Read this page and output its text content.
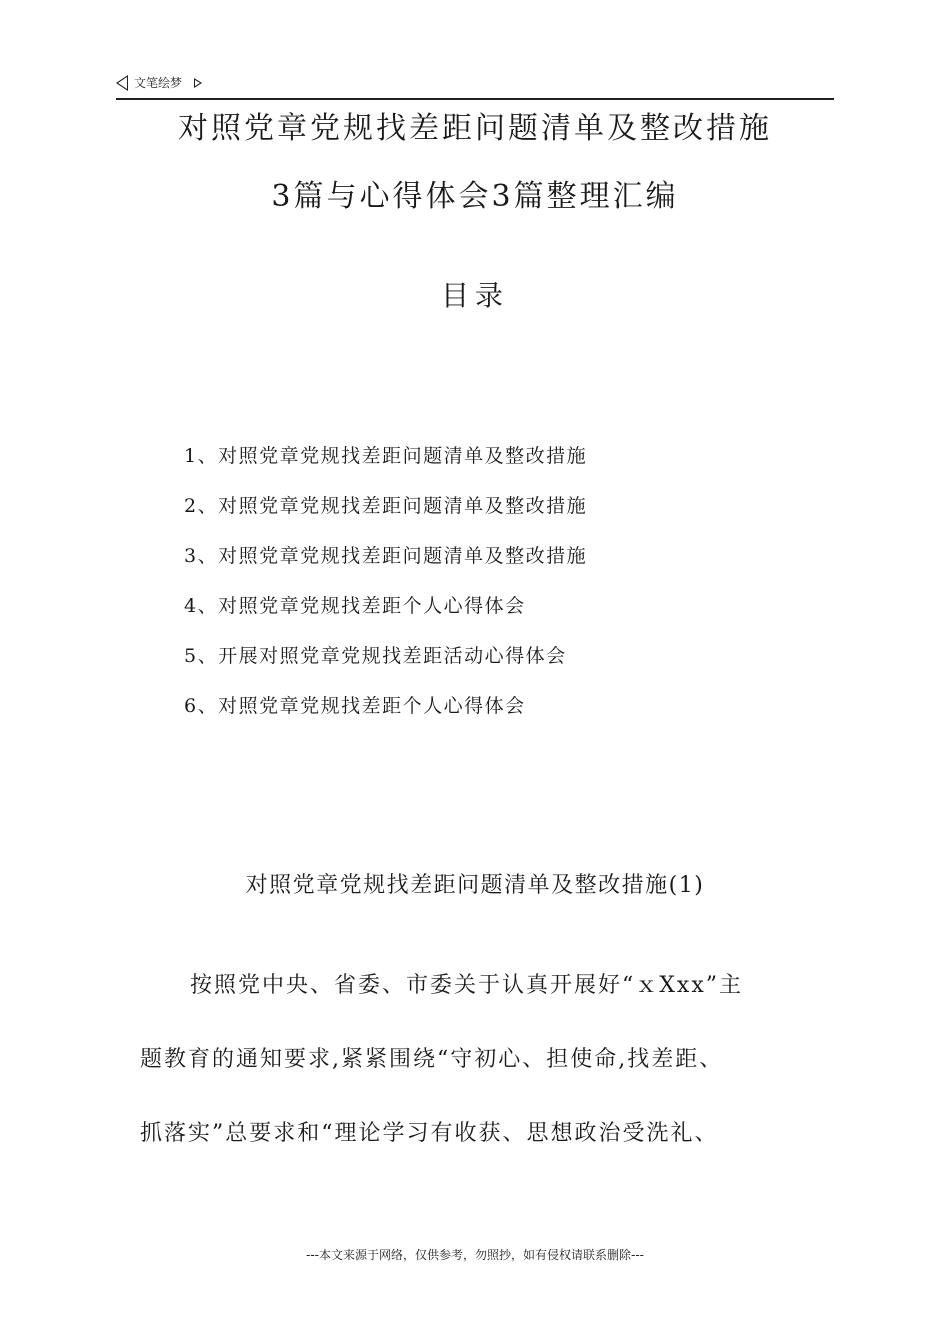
文笔绘梦
对照党章党规找差距问题清单及整改措施
3篇与心得体会3篇整理汇编
目录
1、对照党章党规找差距问题清单及整改措施
2、对照党章党规找差距问题清单及整改措施
3、对照党章党规找差距问题清单及整改措施
4、对照党章党规找差距个人心得体会
5、开展对照党章党规找差距活动心得体会
6、对照党章党规找差距个人心得体会
对照党章党规找差距问题清单及整改措施(1)
按照党中央、省委、市委关于认真开展好“ｘXxx”主
题教育的通知要求,紧紧围绕“守初心、担使命,找差距、
抓落实”总要求和“理论学习有收获、思想政治受洗礼、
---本文来源于网络，仅供参考，勿照抄，如有侵权请联系删除---
